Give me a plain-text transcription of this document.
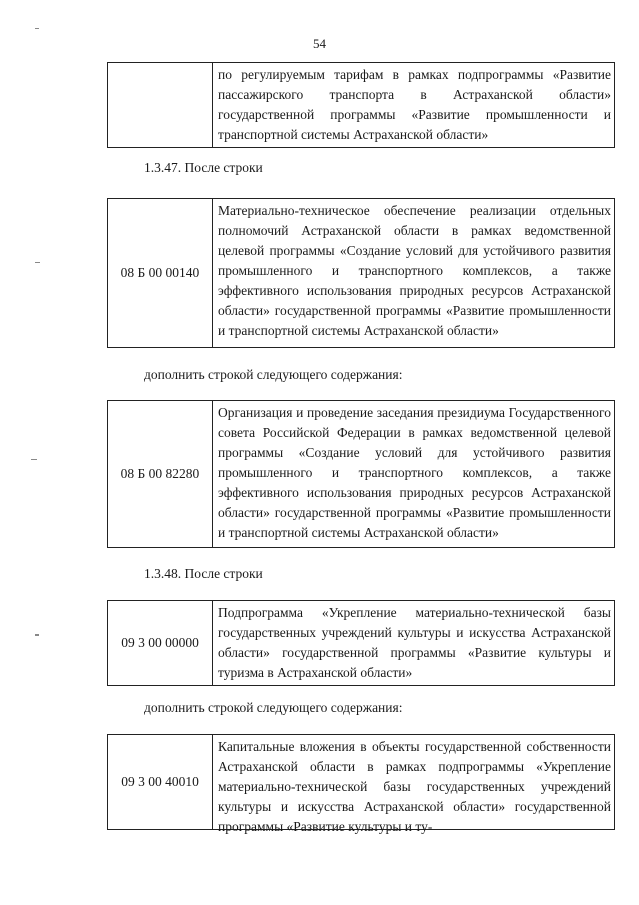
54
по регулируемым тарифам в рамках подпрограммы «Развитие пассажирского транспорта в Астраханской области» государственной программы «Развитие промышленности и транспортной системы Астраханской области»
1.3.47. После строки
08 Б 00 00140
Материально-техническое обеспечение реализации отдельных полномочий Астраханской области в рамках ведомственной целевой программы «Создание условий для устойчивого развития промышленного и транспортного комплексов, а также эффективного использования природных ресурсов Астраханской области» государственной программы «Развитие промышленности и транспортной системы Астраханской области»
дополнить строкой следующего содержания:
08 Б 00 82280
Организация и проведение заседания президиума Государственного совета Российской Федерации в рамках ведомственной целевой программы «Создание условий для устойчивого развития промышленного и транспортного комплексов, а также эффективного использования природных ресурсов Астраханской области» государственной программы «Развитие промышленности и транспортной системы Астраханской области»
1.3.48. После строки
09 3 00 00000
Подпрограмма «Укрепление материально-технической базы государственных учреждений культуры и искусства Астраханской области» государственной программы «Развитие культуры и туризма в Астраханской области»
дополнить строкой следующего содержания:
09 3 00 40010
Капитальные вложения в объекты государственной собственности Астраханской области в рамках подпрограммы «Укрепление материально-технической базы государственных учреждений культуры и искусства Астраханской области» государственной программы «Развитие культуры и ту-
